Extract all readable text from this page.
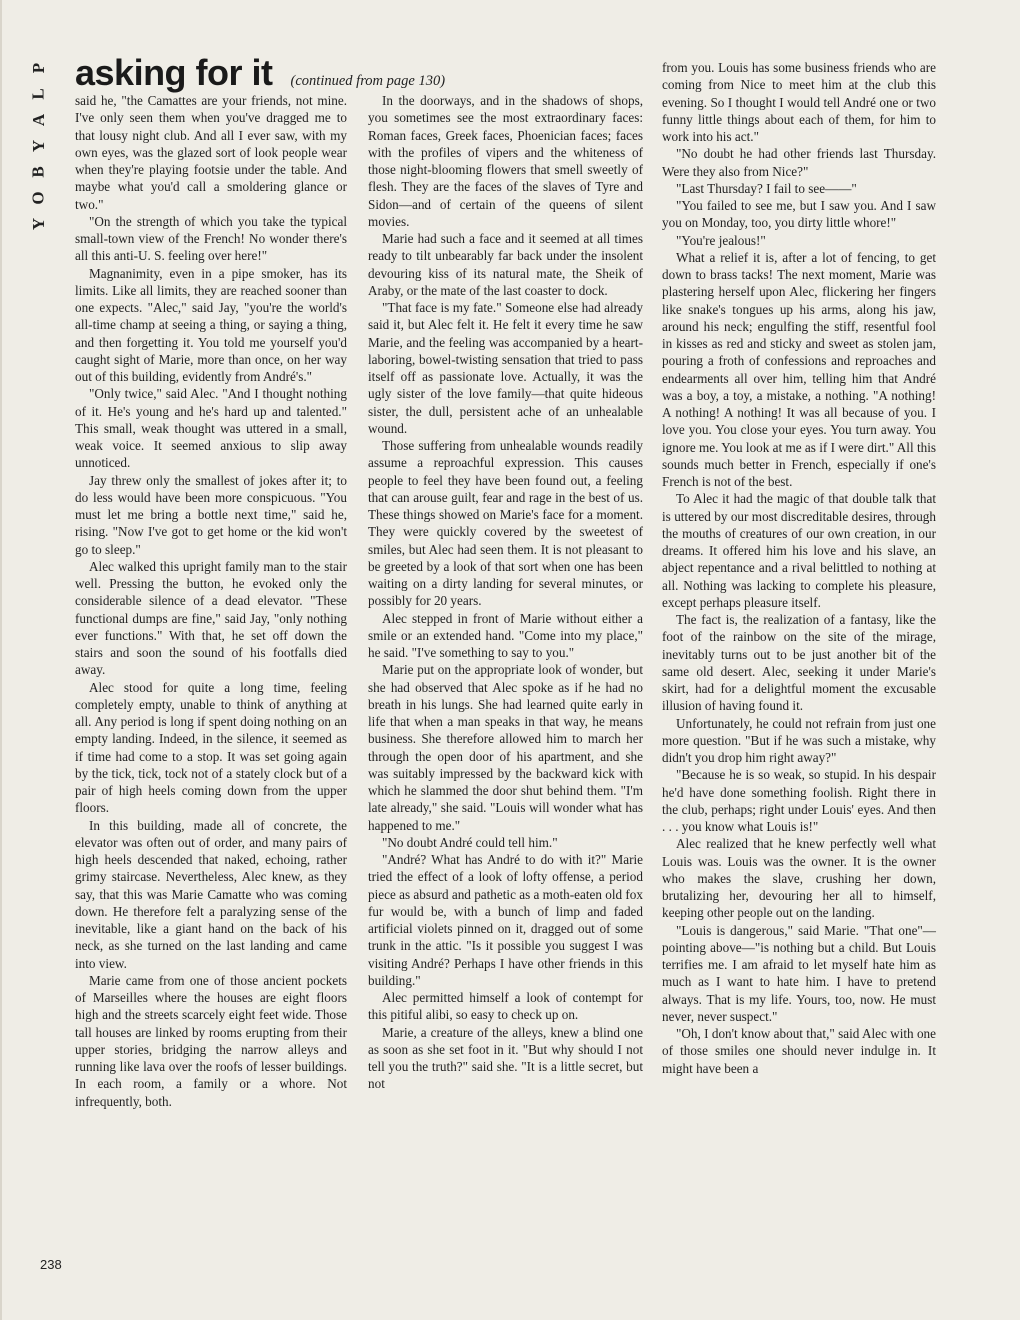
P
L
A
Y
B
O
Y
asking for it (continued from page 130)

said he, "the Camattes are your friends, not mine. I've only seen them when you've dragged me to that lousy night club. And all I ever saw, with my own eyes, was the glazed sort of look people wear when they're playing footsie under the table. And maybe what you'd call a smoldering glance or two."

"On the strength of which you take the typical small-town view of the French! No wonder there's all this anti-U. S. feeling over here!"

Magnanimity, even in a pipe smoker, has its limits. Like all limits, they are reached sooner than one expects. "Alec," said Jay, "you're the world's all-time champ at seeing a thing, or saying a thing, and then forgetting it. You told me yourself you'd caught sight of Marie, more than once, on her way out of this building, evidently from André's."

"Only twice," said Alec. "And I thought nothing of it. He's young and he's hard up and talented." This small, weak thought was uttered in a small, weak voice. It seemed anxious to slip away unnoticed.

Jay threw only the smallest of jokes after it; to do less would have been more conspicuous. "You must let me bring a bottle next time," said he, rising. "Now I've got to get home or the kid won't go to sleep."

Alec walked this upright family man to the stair well. Pressing the button, he evoked only the considerable silence of a dead elevator. "These functional dumps are fine," said Jay, "only nothing ever functions." With that, he set off down the stairs and soon the sound of his footfalls died away.

Alec stood for quite a long time, feeling completely empty, unable to think of anything at all. Any period is long if spent doing nothing on an empty landing. Indeed, in the silence, it seemed as if time had come to a stop. It was set going again by the tick, tick, tock not of a stately clock but of a pair of high heels coming down from the upper floors.

In this building, made all of concrete, the elevator was often out of order, and many pairs of high heels descended that naked, echoing, rather grimy staircase. Nevertheless, Alec knew, as they say, that this was Marie Camatte who was coming down. He therefore felt a paralyzing sense of the inevitable, like a giant hand on the back of his neck, as she turned on the last landing and came into view.

Marie came from one of those ancient pockets of Marseilles where the houses are eight floors high and the streets scarcely eight feet wide. Those tall houses are linked by rooms erupting from their upper stories, bridging the narrow alleys and running like lava over the roofs of lesser buildings. In each room, a family or a whore. Not infrequently, both.

In the doorways, and in the shadows of shops, you sometimes see the most extraordinary faces: Roman faces, Greek faces, Phoenician faces; faces with the profiles of vipers and the whiteness of those night-blooming flowers that smell sweetly of flesh. They are the faces of the slaves of Tyre and Sidon—and of certain of the queens of silent movies.

Marie had such a face and it seemed at all times ready to tilt unbearably far back under the insolent devouring kiss of its natural mate, the Sheik of Araby, or the mate of the last coaster to dock.

"That face is my fate." Someone else had already said it, but Alec felt it. He felt it every time he saw Marie, and the feeling was accompanied by a heart-laboring, bowel-twisting sensation that tried to pass itself off as passionate love. Actually, it was the ugly sister of the love family—that quite hideous sister, the dull, persistent ache of an unhealable wound.

Those suffering from unhealable wounds readily assume a reproachful expression. This causes people to feel they have been found out, a feeling that can arouse guilt, fear and rage in the best of us. These things showed on Marie's face for a moment. They were quickly covered by the sweetest of smiles, but Alec had seen them. It is not pleasant to be greeted by a look of that sort when one has been waiting on a dirty landing for several minutes, or possibly for 20 years.

Alec stepped in front of Marie without either a smile or an extended hand. "Come into my place," he said. "I've something to say to you."

Marie put on the appropriate look of wonder, but she had observed that Alec spoke as if he had no breath in his lungs. She had learned quite early in life that when a man speaks in that way, he means business. She therefore allowed him to march her through the open door of his apartment, and she was suitably impressed by the backward kick with which he slammed the door shut behind them. "I'm late already," she said. "Louis will wonder what has happened to me."

"No doubt André could tell him."

"André? What has André to do with it?" Marie tried the effect of a look of lofty offense, a period piece as absurd and pathetic as a moth-eaten old fox fur would be, with a bunch of limp and faded artificial violets pinned on it, dragged out of some trunk in the attic. "Is it possible you suggest I was visiting André? Perhaps I have other friends in this building."

Alec permitted himself a look of contempt for this pitiful alibi, so easy to check up on.

Marie, a creature of the alleys, knew a blind one as soon as she set foot in it. "But why should I not tell you the truth?" said she. "It is a little secret, but not

from you. Louis has some business friends who are coming from Nice to meet him at the club this evening. So I thought I would tell André one or two funny little things about each of them, for him to work into his act."

"No doubt he had other friends last Thursday. Were they also from Nice?"

"Last Thursday? I fail to see——"

"You failed to see me, but I saw you. And I saw you on Monday, too, you dirty little whore!"

"You're jealous!"

What a relief it is, after a lot of fencing, to get down to brass tacks! The next moment, Marie was plastering herself upon Alec, flickering her fingers like snake's tongues up his arms, along his jaw, around his neck; engulfing the stiff, resentful fool in kisses as red and sticky and sweet as stolen jam, pouring a froth of confessions and reproaches and endearments all over him, telling him that André was a boy, a toy, a mistake, a nothing. "A nothing! A nothing! A nothing! It was all because of you. I love you. You close your eyes. You turn away. You ignore me. You look at me as if I were dirt." All this sounds much better in French, especially if one's French is not of the best.

To Alec it had the magic of that double talk that is uttered by our most discreditable desires, through the mouths of creatures of our own creation, in our dreams. It offered him his love and his slave, an abject repentance and a rival belittled to nothing at all. Nothing was lacking to complete his pleasure, except perhaps pleasure itself.

The fact is, the realization of a fantasy, like the foot of the rainbow on the site of the mirage, inevitably turns out to be just another bit of the same old desert. Alec, seeking it under Marie's skirt, had for a delightful moment the excusable illusion of having found it.

Unfortunately, he could not refrain from just one more question. "But if he was such a mistake, why didn't you drop him right away?"

"Because he is so weak, so stupid. In his despair he'd have done something foolish. Right there in the club, perhaps; right under Louis' eyes. And then . . . you know what Louis is!"

Alec realized that he knew perfectly well what Louis was. Louis was the owner. It is the owner who makes the slave, crushing her down, brutalizing her, devouring her all to himself, keeping other people out on the landing.

"Louis is dangerous," said Marie. "That one"—pointing above—"is nothing but a child. But Louis terrifies me. I am afraid to let myself hate him as much as I want to hate him. I have to pretend always. That is my life. Yours, too, now. He must never, never suspect."

"Oh, I don't know about that," said Alec with one of those smiles one should never indulge in. It might have been a

238
